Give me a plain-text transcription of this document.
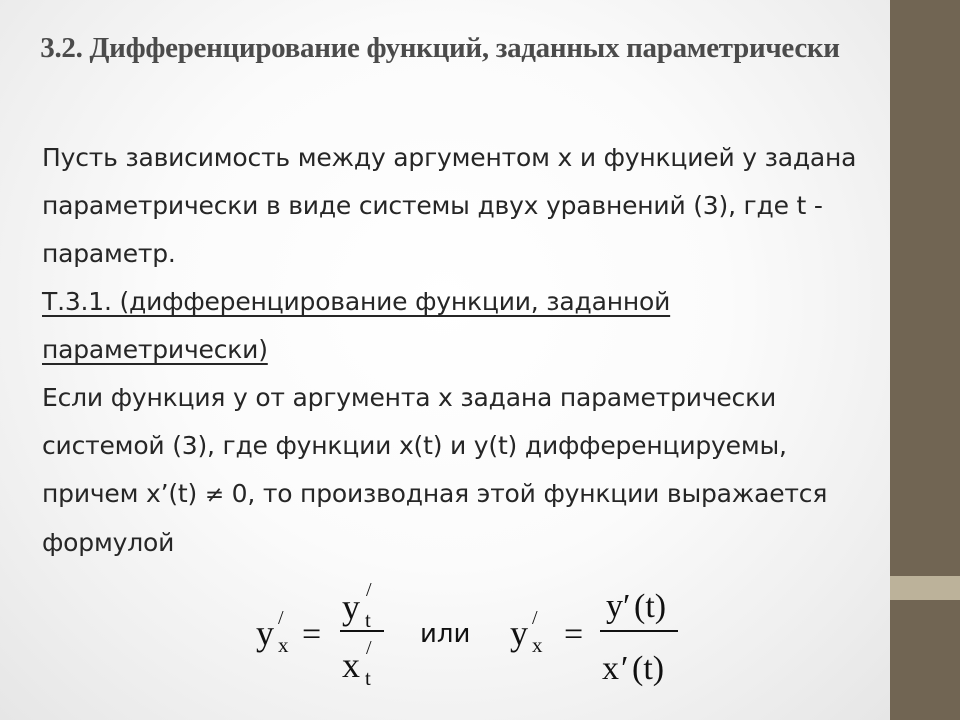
3.2. Дифференцирование функций, заданных параметрически
Пусть зависимость между аргументом x и функцией y задана параметрически в виде системы двух уравнений (3), где t - параметр.
Т.3.1. (дифференцирование функции, заданной параметрически)
Если функция y от аргумента x задана параметрически системой (3), где функции x(t) и y(t) дифференцируемы, причем x’(t) ≠ 0, то производная этой функции выражается формулой
y /
x =
y /
t
x /
t
или y /
x =
y ′ (t)
x ′ (t)
